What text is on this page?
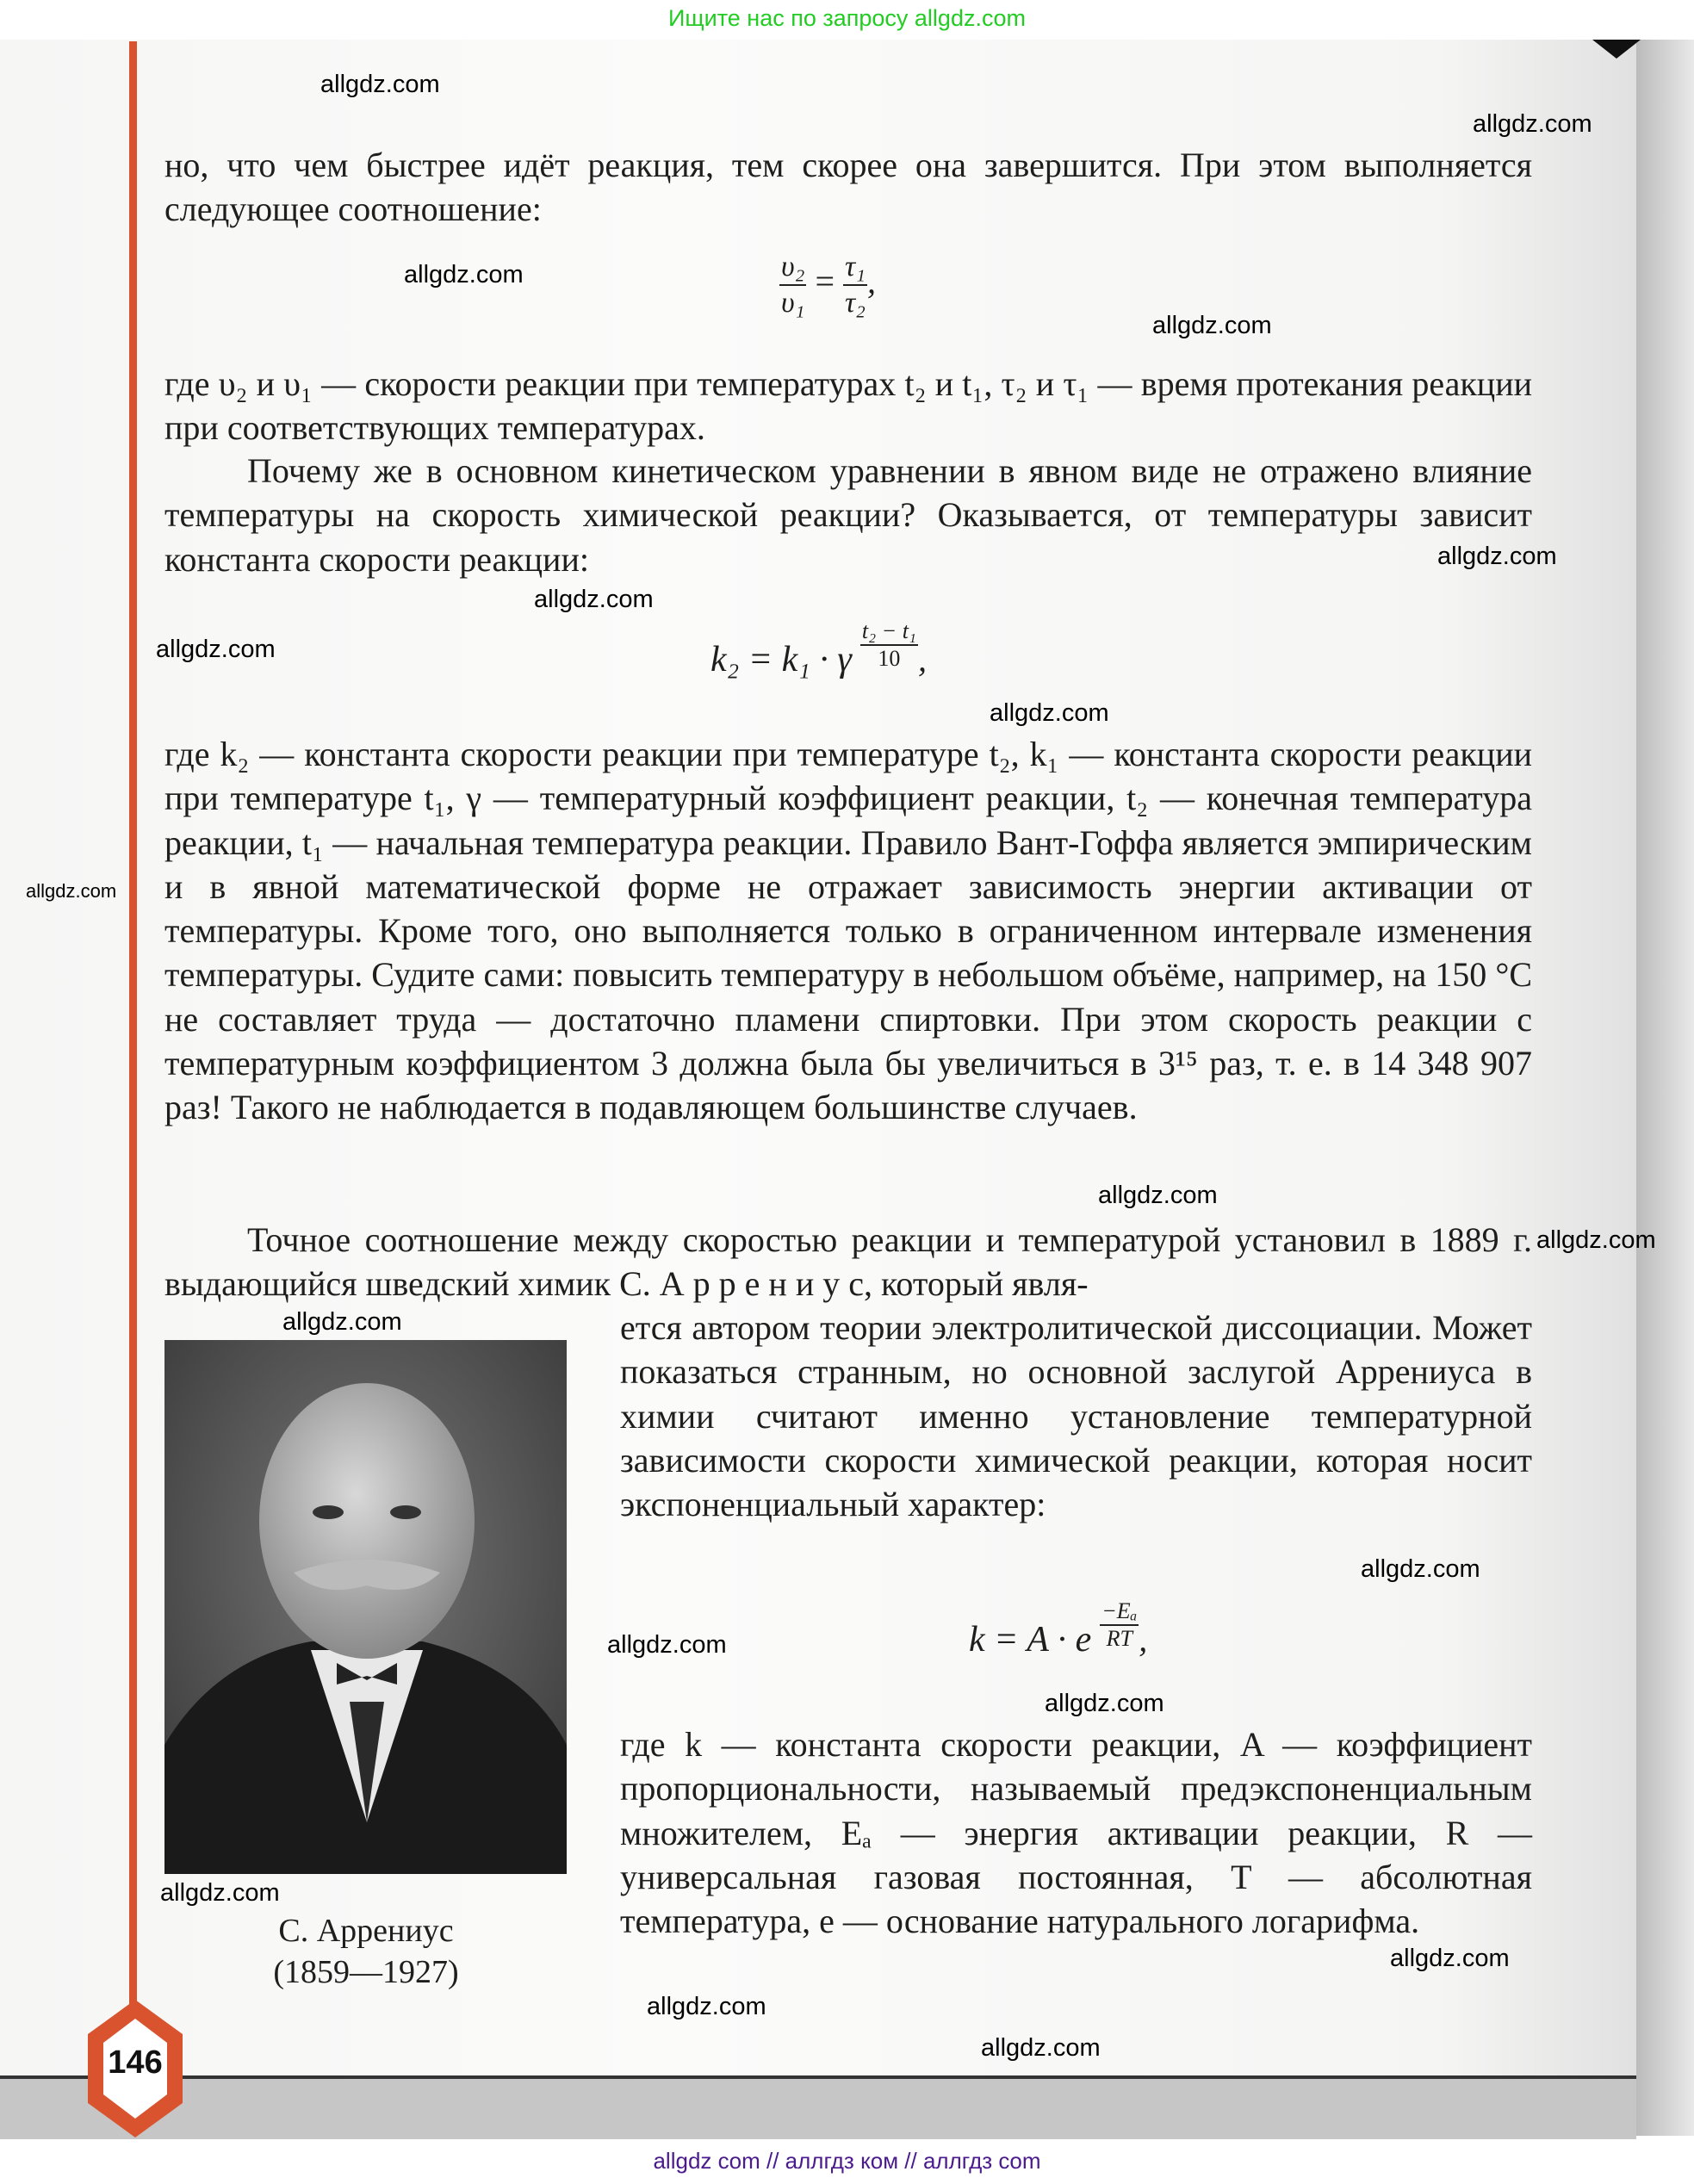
Ищите нас по запросу allgdz.com
146
но, что чем быстрее идёт реакция, тем скорее она завершится. При этом выполняется следующее соотношение:
$\frac{\text{υ₂}}{\text{υ₁}} = \frac{\text{τ₁}}{\text{τ₂}}$ ,
где υ₂ и υ₁ — скорости реакции при температурах t₂ и t₁, τ₂ и τ₁ — время протекания реакции при соответствующих температурах.
Почему же в основном кинетическом уравнении в явном виде не отражено влияние температуры на скорость химической реакции? Оказывается, от температуры зависит константа скорости реакции:
k₂ = k₁ · γ $\frac{\text{t₂ − t₁}}{10}$ ,
где k₂ — константа скорости реакции при температуре t₂, k₁ — константа скорости реакции при температуре t₁, γ — температурный коэффициент реакции, t₂ — конечная температура реакции, t₁ — начальная температура реакции. Правило Вант-Гоффа является эмпирическим и в явной математической форме не отражает зависимость энергии активации от температуры. Кроме того, оно выполняется только в ограниченном интервале изменения температуры. Судите сами: повысить температуру в небольшом объёме, например, на 150 °C не составляет труда — достаточно пламени спиртовки. При этом скорость реакции с температурным коэффициентом 3 должна была бы увеличиться в 3¹⁵ раз, т. е. в 14 348 907 раз! Такого не наблюдается в подавляющем большинстве случаев.
Точное соотношение между скоростью реакции и температурой установил в 1889 г. выдающийся шведский химик С. А р р е н и у с, который явля-
ется автором теории электролитической диссоциации. Может показаться странным, но основной заслугой Аррениуса в химии считают именно установление температурной зависимости скорости химической реакции, которая носит экспоненциальный характер:
k = A · e $\frac{\text{−Eₐ}}{RT}$ ,
где k — константа скорости реакции, A — коэффициент пропорциональности, называемый предэкспоненциальным множителем, Eₐ — энергия активации реакции, R — универсальная газовая постоянная, T — абсолютная температура, e — основание натурального логарифма.
С. Аррениус
(1859—1927)
allgdz.com
allgdz.com
allgdz.com
allgdz.com
allgdz.com
allgdz.com
allgdz.com
allgdz.com
allgdz.com
allgdz.com
allgdz.com
allgdz.com
allgdz.com
allgdz.com
allgdz.com
allgdz.com
allgdz.com
allgdz.com
allgdz.com
allgdz com // аллгдз ком // аллгдз com
